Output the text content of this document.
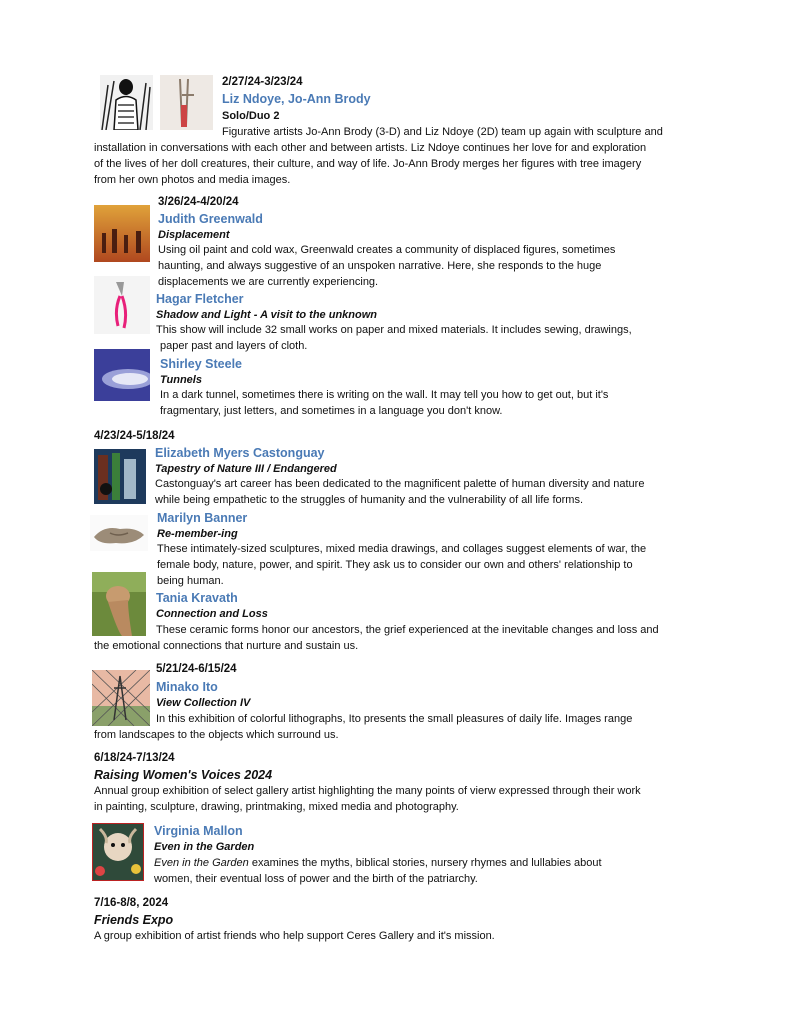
2/27/24-3/23/24
Liz Ndoye, Jo-Ann Brody
Solo/Duo 2
Figurative artists Jo-Ann Brody (3-D) and Liz Ndoye (2D) team up again with sculpture and
installation in conversations with each other and between artists. Liz Ndoye continues her love for and exploration
of the lives of her doll creatures, their culture, and way of life. Jo-Ann Brody merges her figures with tree imagery
from her own photos and media images.
3/26/24-4/20/24
Judith Greenwald
Displacement
Using oil paint and cold wax, Greenwald creates a community of displaced figures, sometimes
haunting, and always suggestive of an unspoken narrative. Here, she responds to the huge
displacements we are currently experiencing.
Hagar Fletcher
Shadow and Light - A visit to the unknown
This show will include 32 small works on paper and mixed materials. It includes sewing, drawings,
paper past and layers of cloth.
Shirley Steele
Tunnels
In a dark tunnel, sometimes there is writing on the wall. It may tell you how to get out, but it's
fragmentary, just letters, and sometimes in a language you don't know.
4/23/24-5/18/24
Elizabeth Myers Castonguay
Tapestry of Nature III / Endangered
Castonguay's art career has been dedicated to the magnificent palette of human diversity and nature
while being empathetic to the struggles of humanity and the vulnerability of all life forms.
Marilyn Banner
Re-member-ing
These intimately-sized sculptures, mixed media drawings, and collages suggest elements of war, the
female body, nature, power, and spirit. They ask us to consider our own and others' relationship to
being human.
Tania Kravath
Connection and Loss
These ceramic forms honor our ancestors, the grief experienced at the inevitable changes and loss and
the emotional connections that nurture and sustain us.
5/21/24-6/15/24
Minako Ito
View Collection IV
In this exhibition of colorful lithographs, Ito presents the small pleasures of daily life. Images range
from landscapes to the objects which surround us.
6/18/24-7/13/24
Raising Women's Voices 2024
Annual group exhibition of select gallery artist highlighting the many points of vierw expressed through their work
in painting, sculpture, drawing, printmaking, mixed media and photography.
Virginia Mallon
Even in the Garden
Even in the Garden examines the myths, biblical stories, nursery rhymes and lullabies about
women, their eventual loss of power and the birth of the patriarchy.
7/16-8/8, 2024
Friends Expo
A group exhibition of artist friends who help support Ceres Gallery and it's mission.
